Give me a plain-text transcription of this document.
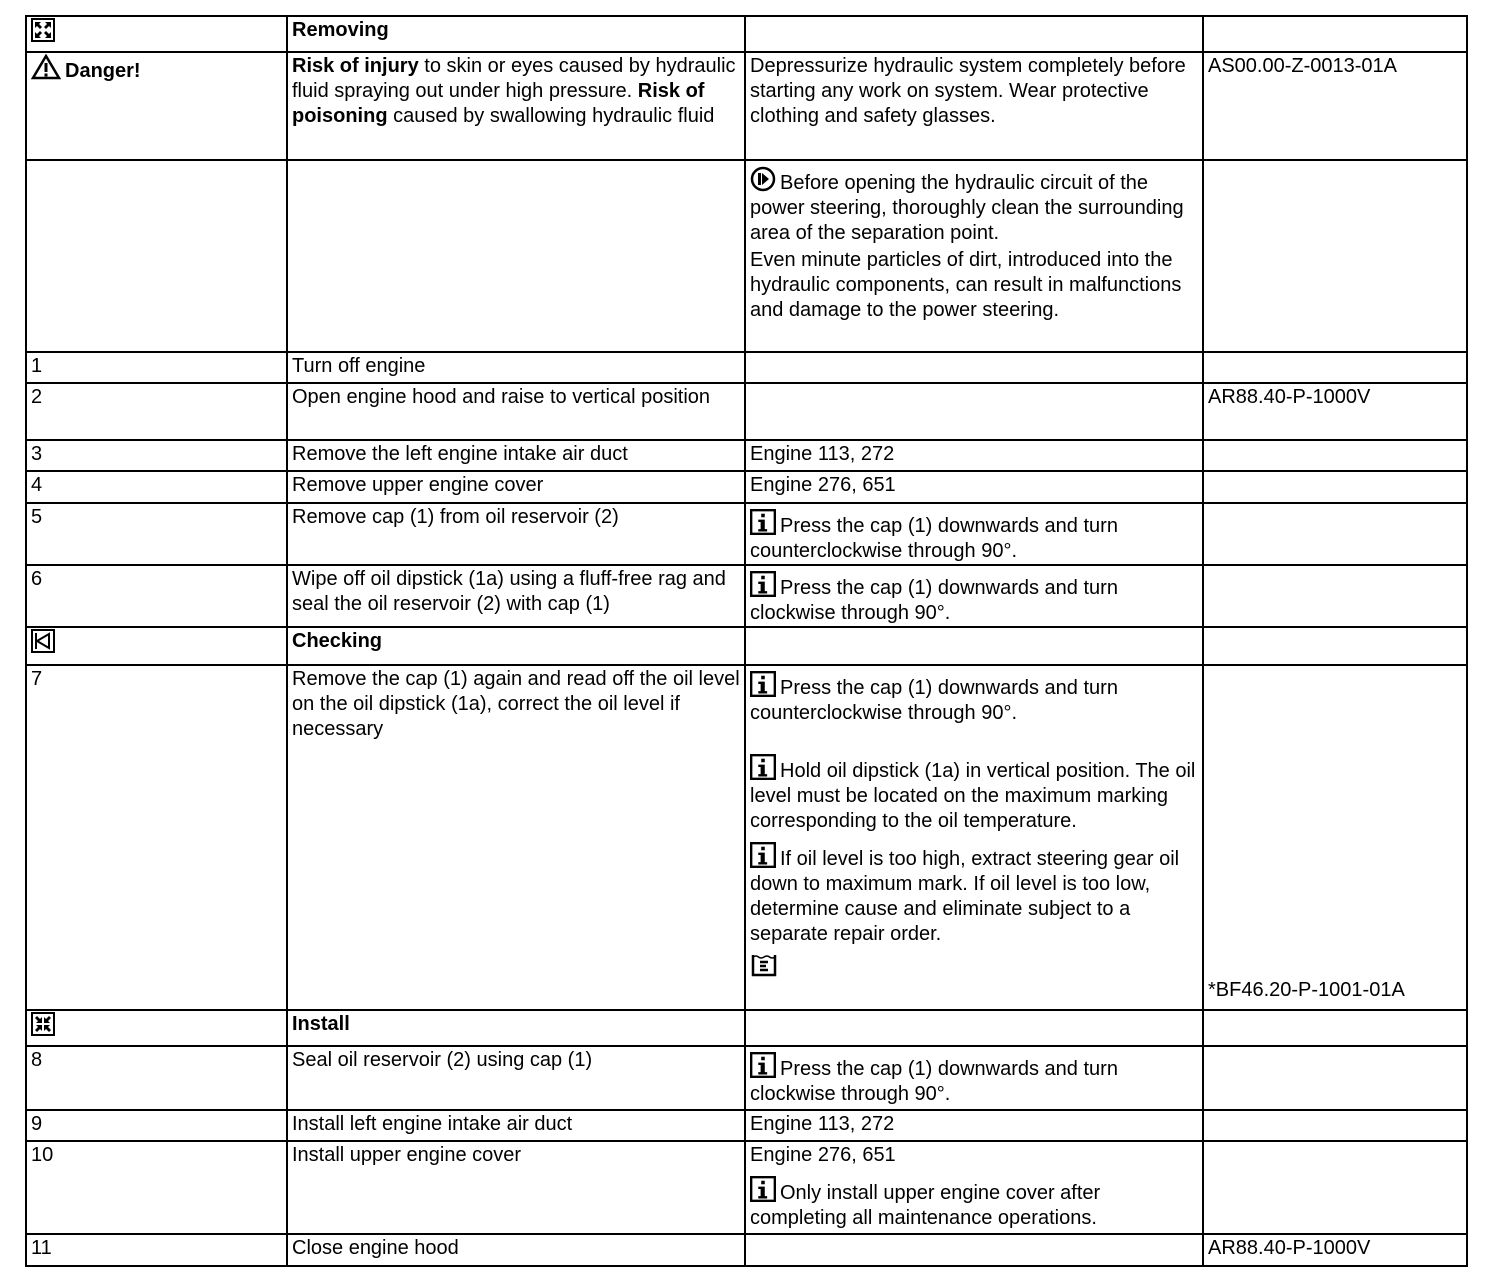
	Removing		
Danger!	Risk of injury to skin or eyes caused by hydraulic fluid spraying out under high pressure. Risk of poisoning caused by swallowing hydraulic fluid	Depressurize hydraulic system completely before starting any work on system. Wear protective clothing and safety glasses.	AS00.00-Z-0013-01A

		Before opening the hydraulic circuit of the power steering, thoroughly clean the surrounding area of the separation point.

Even minute particles of dirt, introduced into the hydraulic components, can result in malfunctions and damage to the power steering.	

1	Turn off engine		
2	Open engine hood and raise to vertical position		AR88.40-P-1000V
3	Remove the left engine intake air duct	Engine 113, 272	

4	Remove upper engine cover	Engine 276, 651	

5	Remove cap (1) from oil reservoir (2)	Press the cap (1) downwards and turn counterclockwise through 90°.	

6	Wipe off oil dipstick (1a) using a fluff-free rag and seal the oil reservoir (2) with cap (1)	Press the cap (1) downwards and turn clockwise through 90°.	

	Checking		
7	Remove the cap (1) again and read off the oil level on the oil dipstick (1a), correct the oil level if necessary	Press the cap (1) downwards and turn counterclockwise through 90°.

Hold oil dipstick (1a) in vertical position. The oil level must be located on the maximum marking corresponding to the oil temperature.

If oil level is too high, extract steering gear oil down to maximum mark. If oil level is too low, determine cause and eliminate subject to a separate repair order.	*BF46.20-P-1001-01A
	Install		
8	Seal oil reservoir (2) using cap (1)	Press the cap (1) downwards and turn clockwise through 90°.	

9	Install left engine intake air duct	Engine 113, 272	

10	Install upper engine cover	Engine 276, 651

Only install upper engine cover after completing all maintenance operations.	

11	Close engine hood		AR88.40-P-1000V
